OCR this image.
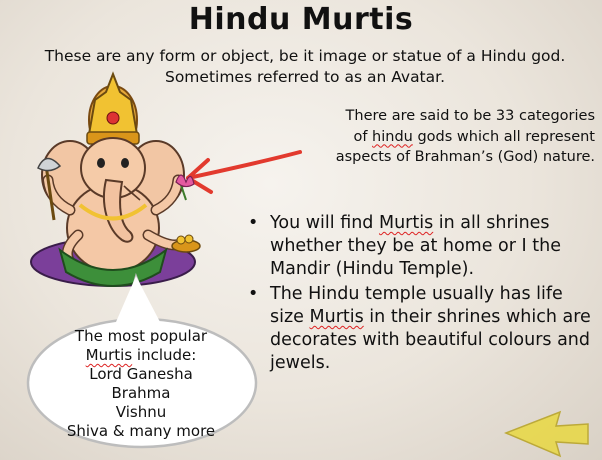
Hindu Murtis
These are any form or object, be it image or statue of a Hindu god.
Sometimes referred to as an Avatar.
There are said to be 33 categories
of hindu gods which all represent
aspects of Brahman’s (God) nature.
• You will find Murtis in all shrines whether they be at home or I the Mandir (Hindu Temple).
• The Hindu temple usually has life size Murtis in their shrines which are decorates with beautiful colours and jewels.
The most popular
Murtis include:
Lord Ganesha
Brahma
Vishnu
Shiva & many more
